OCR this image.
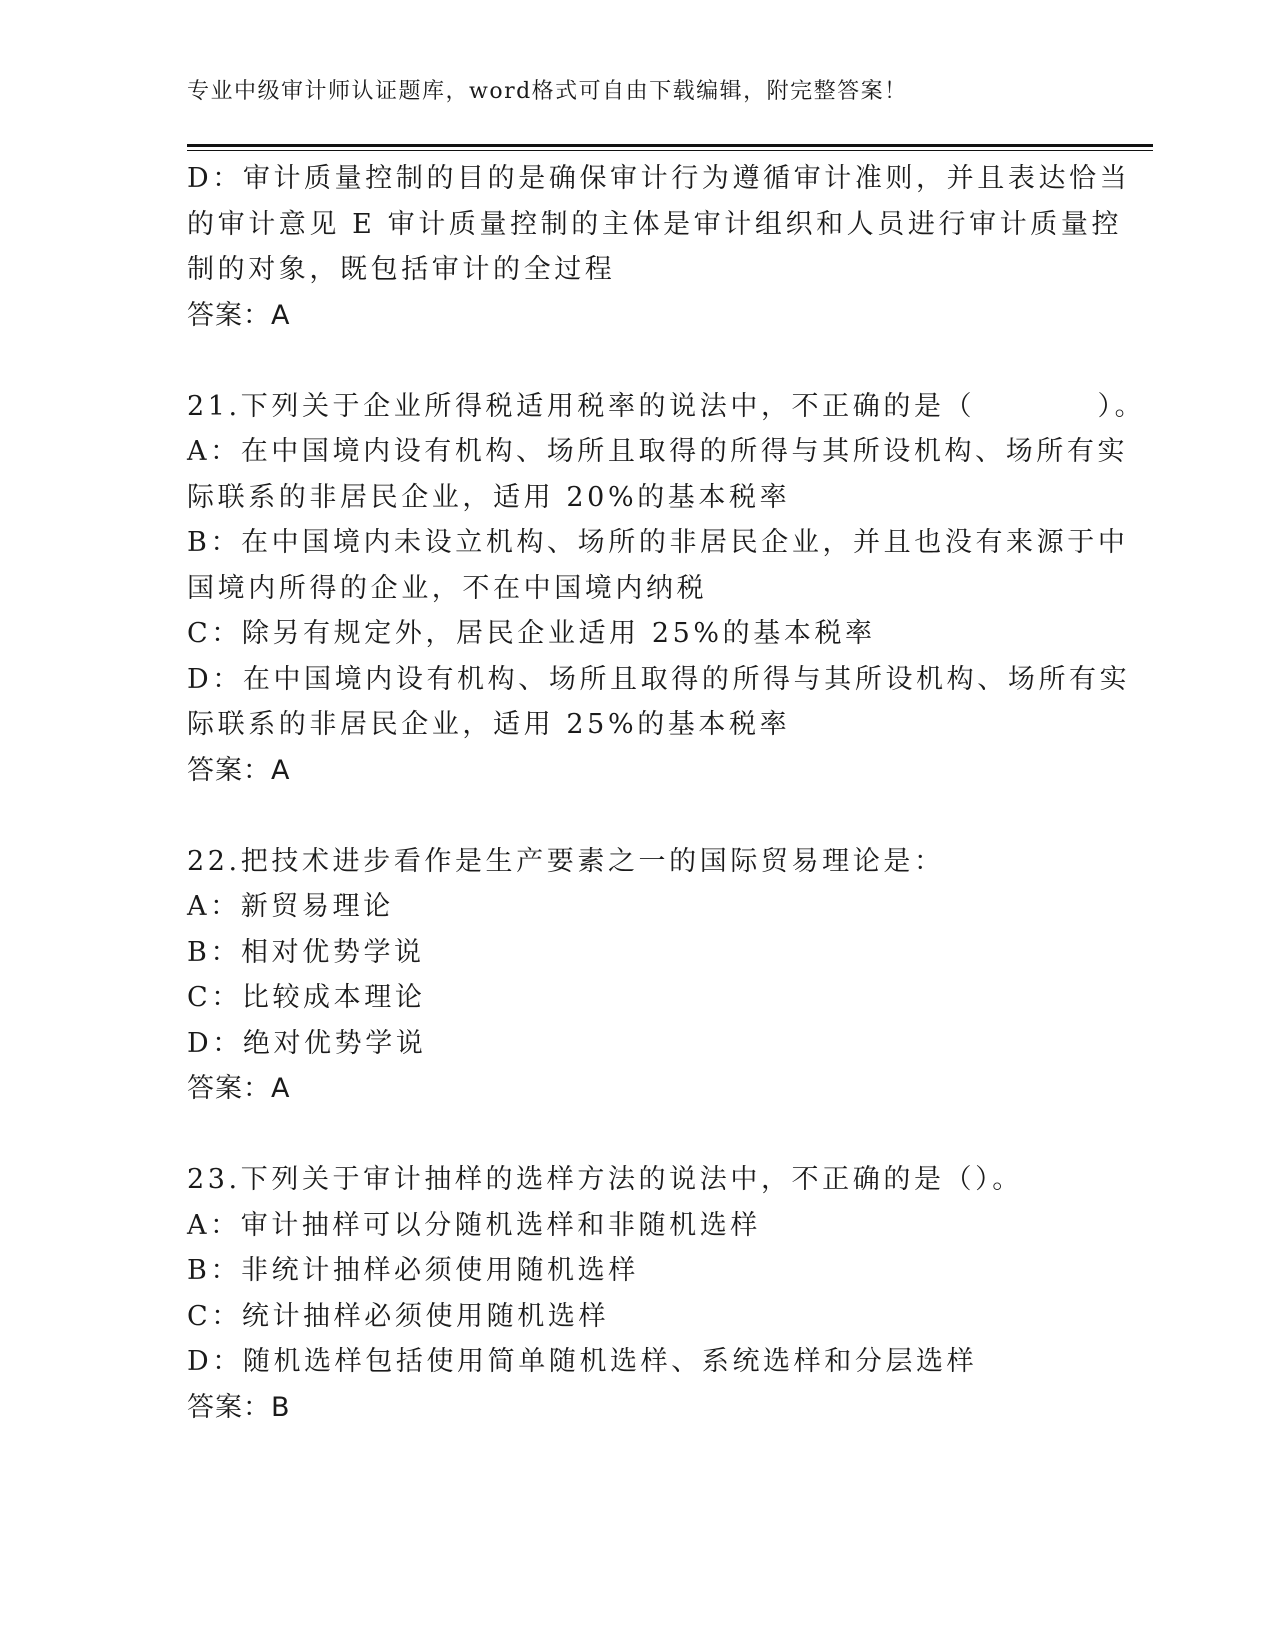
专业中级审计师认证题库，word格式可自由下载编辑，附完整答案！
D：审计质量控制的目的是确保审计行为遵循审计准则，并且表达恰当
的审计意见 E 审计质量控制的主体是审计组织和人员进行审计质量控
制的对象，既包括审计的全过程
答案：A
21.下列关于企业所得税适用税率的说法中，不正确的是（　　　　）。
A：在中国境内设有机构、场所且取得的所得与其所设机构、场所有实
际联系的非居民企业，适用 20%的基本税率
B：在中国境内未设立机构、场所的非居民企业，并且也没有来源于中
国境内所得的企业，不在中国境内纳税
C：除另有规定外，居民企业适用 25%的基本税率
D：在中国境内设有机构、场所且取得的所得与其所设机构、场所有实
际联系的非居民企业，适用 25%的基本税率
答案：A
22.把技术进步看作是生产要素之一的国际贸易理论是：
A：新贸易理论
B：相对优势学说
C：比较成本理论
D：绝对优势学说
答案：A
23.下列关于审计抽样的选样方法的说法中，不正确的是（）。
A：审计抽样可以分随机选样和非随机选样
B：非统计抽样必须使用随机选样
C：统计抽样必须使用随机选样
D：随机选样包括使用简单随机选样、系统选样和分层选样
答案：B
